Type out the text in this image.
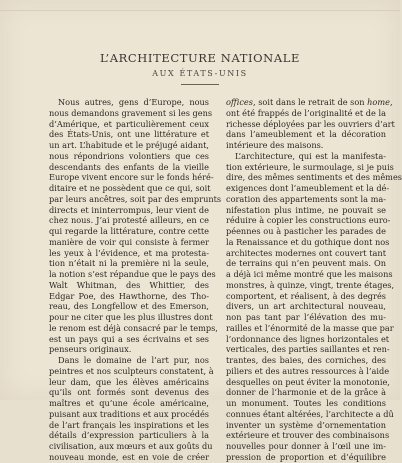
L’ARCHITECTURE NATIONALE
AUX ÉTATS-UNIS
Nous autres, gens d’Europe, nous
nous demandons gravement si les gens
d’Amérique, et particulièrement ceux
des États-Unis, ont une littérature et
un art. L’habitude et le préjugé aidant,
nous répondrions volontiers que ces
descendants des enfants de la vieille
Europe vivent encore sur le fonds héré-
ditaire et ne possèdent que ce qui, soit
par leurs ancêtres, soit par des emprunts
directs et ininterrompus, leur vient de
chez nous. J’ai protesté ailleurs, en ce
qui regarde la littérature, contre cette
manière de voir qui consiste à fermer
les yeux à l’évidence, et ma protesta-
tion n’était ni la première ni la seule,
la notion s’est répandue que le pays des
Walt Whitman, des Whittier, des
Edgar Poe, des Hawthorne, des Tho-
reau, des Longfellow et des Emerson,
pour ne citer que les plus illustres dont
le renom est déjà consacré par le temps,
est un pays qui a ses écrivains et ses
penseurs originaux.
Dans le domaine de l’art pur, nos
peintres et nos sculpteurs constatent, à
leur dam, que les élèves américains
qu’ils ont formés sont devenus des
maîtres et qu’une école américaine,
puisant aux traditions et aux procédés
de l’art français les inspirations et les
détails d’expression particuliers à la
civilisation, aux mœurs et aux goûts du
nouveau monde, est en voie de créer
offices, soit dans le retrait de son home,
ont été frappés de l’originalité et de la
richesse déployées par les ouvriers d’art
dans l’ameublement et la décoration
intérieure des maisons.
L’architecture, qui est la manifesta-
tion extérieure, le surmoulage, si je puis
dire, des mêmes sentiments et des mêmes
exigences dont l’ameublement et la dé-
coration des appartements sont la ma-
nifestation plus intime, ne pouvait se
réduire à copier les constructions euro-
péennes ou à pasticher les parades de
la Renaissance et du gothique dont nos
architectes modernes ont couvert tant
de terrains qui n’en peuvent mais. On
a déjà ici même montré que les maisons
monstres, à quinze, vingt, trente étages,
comportent, et réalisent, à des degrés
divers, un art architectural nouveau,
non pas tant par l’élévation des mu-
railles et l’énormité de la masse que par
l’ordonnance des lignes horizontales et
verticales, des parties saillantes et ren-
trantes, des baies, des corniches, des
piliers et des autres ressources à l’aide
desquelles on peut éviter la monotonie,
donner de l’harmonie et de la grâce à
un monument. Toutes les conditions
connues étant altérées, l’architecte a dû
inventer un système d’ornementation
extérieure et trouver des combinaisons
nouvelles pour donner à l’œil une im-
pression de proportion et d’équilibre
